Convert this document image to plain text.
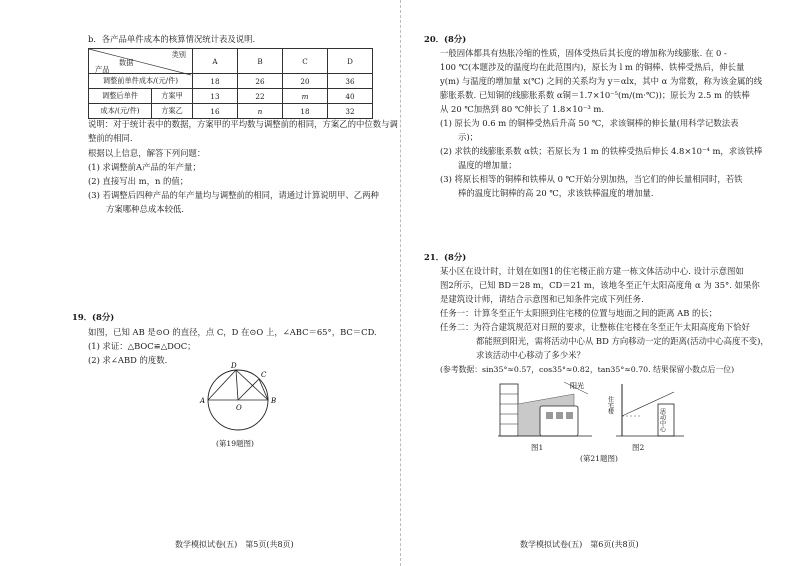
b．各产品单件成本的核算情况统计表及说明.
类别
数据
产品		A	B	C	D
调整前单件成本/(元/件)		18	26	20	36
调整后单件	方案甲	13	22	m	40
成本/(元/件)	方案乙	16	n	18	32
说明：对于统计表中的数据，方案甲的平均数与调整前的相同，方案乙的中位数与调
整前的相同.
根据以上信息，解答下列问题：
(1) 求调整前A产品的年产量；
(2) 直接写出 m，n 的值；
(3) 若调整后四种产品的年产量均与调整前的相同，请通过计算说明甲、乙两种
方案哪种总成本较低.
19．(8分)
如图，已知 AB 是⊙O 的直径，点 C，D 在⊙O 上，∠ABC＝65°，BC＝CD.
(1) 求证：△BOC≌△DOC；
(2) 求∠ABD 的度数.
A	B
C
D
O
(第19题图)
数学模拟试卷(五)　第5页(共8页)
20．(8分)
一般固体都具有热胀冷缩的性质，固体受热后其长度的增加称为线膨胀. 在 0 -
100 ℃(本题涉及的温度均在此范围内)，原长为 l m 的铜棒、铁棒受热后，伸长量
y(m) 与温度的增加量 x(℃) 之间的关系均为 y＝αlx，其中 α 为常数，称为该金属的线
膨胀系数. 已知铜的线膨胀系数 α铜＝1.7×10⁻⁵(m/(m·℃))；原长为 2.5 m 的铁棒
从 20 ℃加热到 80 ℃伸长了 1.8×10⁻³ m.
(1) 原长为 0.6 m 的铜棒受热后升高 50 ℃，求该铜棒的伸长量(用科学记数法表
示)；
(2) 求铁的线膨胀系数 α铁；若原长为 1 m 的铁棒受热后伸长 4.8×10⁻⁴ m，求该铁棒
温度的增加量；
(3) 将原长相等的铜棒和铁棒从 0 ℃开始分别加热，当它们的伸长量相同时，若铁
棒的温度比铜棒的高 20 ℃，求该铁棒温度的增加量.
21．(8分)
某小区在设计时，计划在如图1的住宅楼正前方建一栋文体活动中心. 设计示意图如
图2所示，已知 BD＝28 m，CD＝21 m，该地冬至正午太阳高度角 α 为 35°. 如果你
是建筑设计师，请结合示意图和已知条件完成下列任务.
任务一：计算冬至正午太阳照到住宅楼的位置与地面之间的距离 AB 的长；
任务二：为符合建筑规范对日照的要求，让整栋住宅楼在冬至正午太阳高度角下恰好
都能照到阳光，需将活动中心从 BD 方向移动一定的距离(活动中心高度不变)，
求该活动中心移动了多少米？
(参考数据：sin35°≈0.57，cos35°≈0.82，tan35°≈0.70. 结果保留小数点后一位)
阳光
图1
住宅楼
活动中心
图2
(第21题图)
数学模拟试卷(五)　第6页(共8页)
